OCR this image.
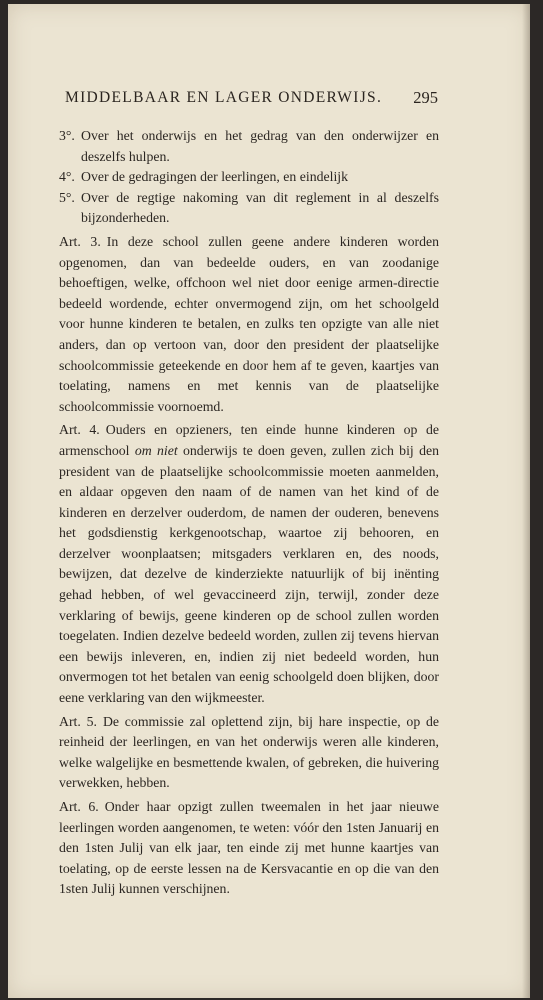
MIDDELBAAR EN LAGER ONDERWIJS.	295
3°. Over het onderwijs en het gedrag van den onderwijzer en deszelfs hulpen.
4°. Over de gedragingen der leerlingen, en eindelijk
5°. Over de regtige nakoming van dit reglement in al deszelfs bijzonderheden.

Art. 3. In deze school zullen geene andere kinderen worden opgenomen, dan van bedeelde ouders, en van zoodanige behoeftigen, welke, offchoon wel niet door eenige armen-directie bedeeld wordende, echter onvermogend zijn, om het schoolgeld voor hunne kinderen te betalen, en zulks ten opzigte van alle niet anders, dan op vertoon van, door den president der plaatselijke schoolcommissie geteekende en door hem af te geven, kaartjes van toelating, namens en met kennis van de plaatselijke schoolcommissie voornoemd.

Art. 4. Ouders en opzieners, ten einde hunne kinderen op de armenschool om niet onderwijs te doen geven, zullen zich bij den president van de plaatselijke schoolcommissie moeten aanmelden, en aldaar opgeven den naam of de namen van het kind of de kinderen en derzelver ouderdom, de namen der ouderen, benevens het godsdienstig kerkgenootschap, waartoe zij behooren, en derzelver woonplaatsen; mitsgaders verklaren en, des noods, bewijzen, dat dezelve de kinderziekte natuurlijk of bij inënting gehad hebben, of wel gevaccineerd zijn, terwijl, zonder deze verklaring of bewijs, geene kinderen op de school zullen worden toegelaten. Indien dezelve bedeeld worden, zullen zij tevens hiervan een bewijs inleveren, en, indien zij niet bedeeld worden, hun onvermogen tot het betalen van eenig schoolgeld doen blijken, door eene verklaring van den wijkmeester.

Art. 5. De commissie zal oplettend zijn, bij hare inspectie, op de reinheid der leerlingen, en van het onderwijs weren alle kinderen, welke walgelijke en besmettende kwalen, of gebreken, die huivering verwekken, hebben.

Art. 6. Onder haar opzigt zullen tweemalen in het jaar nieuwe leerlingen worden aangenomen, te weten: vóór den 1sten Januarij en den 1sten Julij van elk jaar, ten einde zij met hunne kaartjes van toelating, op de eerste lessen na de Kersvacantie en op die van den 1sten Julij kunnen verschijnen.
